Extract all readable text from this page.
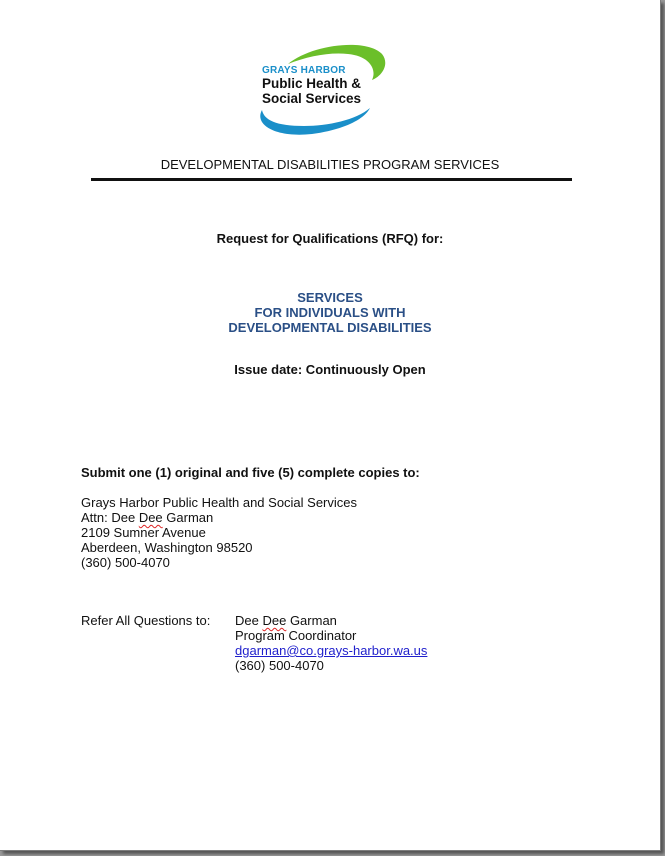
GRAYS HARBOR
Public Health &
Social Services
DEVELOPMENTAL DISABILITIES PROGRAM SERVICES
Request for Qualifications (RFQ) for:
SERVICES
FOR INDIVIDUALS WITH
DEVELOPMENTAL DISABILITIES
Issue date: Continuously Open
Submit one (1) original and five (5) complete copies to:
Grays Harbor Public Health and Social Services
Attn: Dee Dee Garman
2109 Sumner Avenue
Aberdeen, Washington 98520
(360) 500-4070
Refer All Questions to: Dee Dee Garman
Program Coordinator
dgarman@co.grays-harbor.wa.us
(360) 500-4070
